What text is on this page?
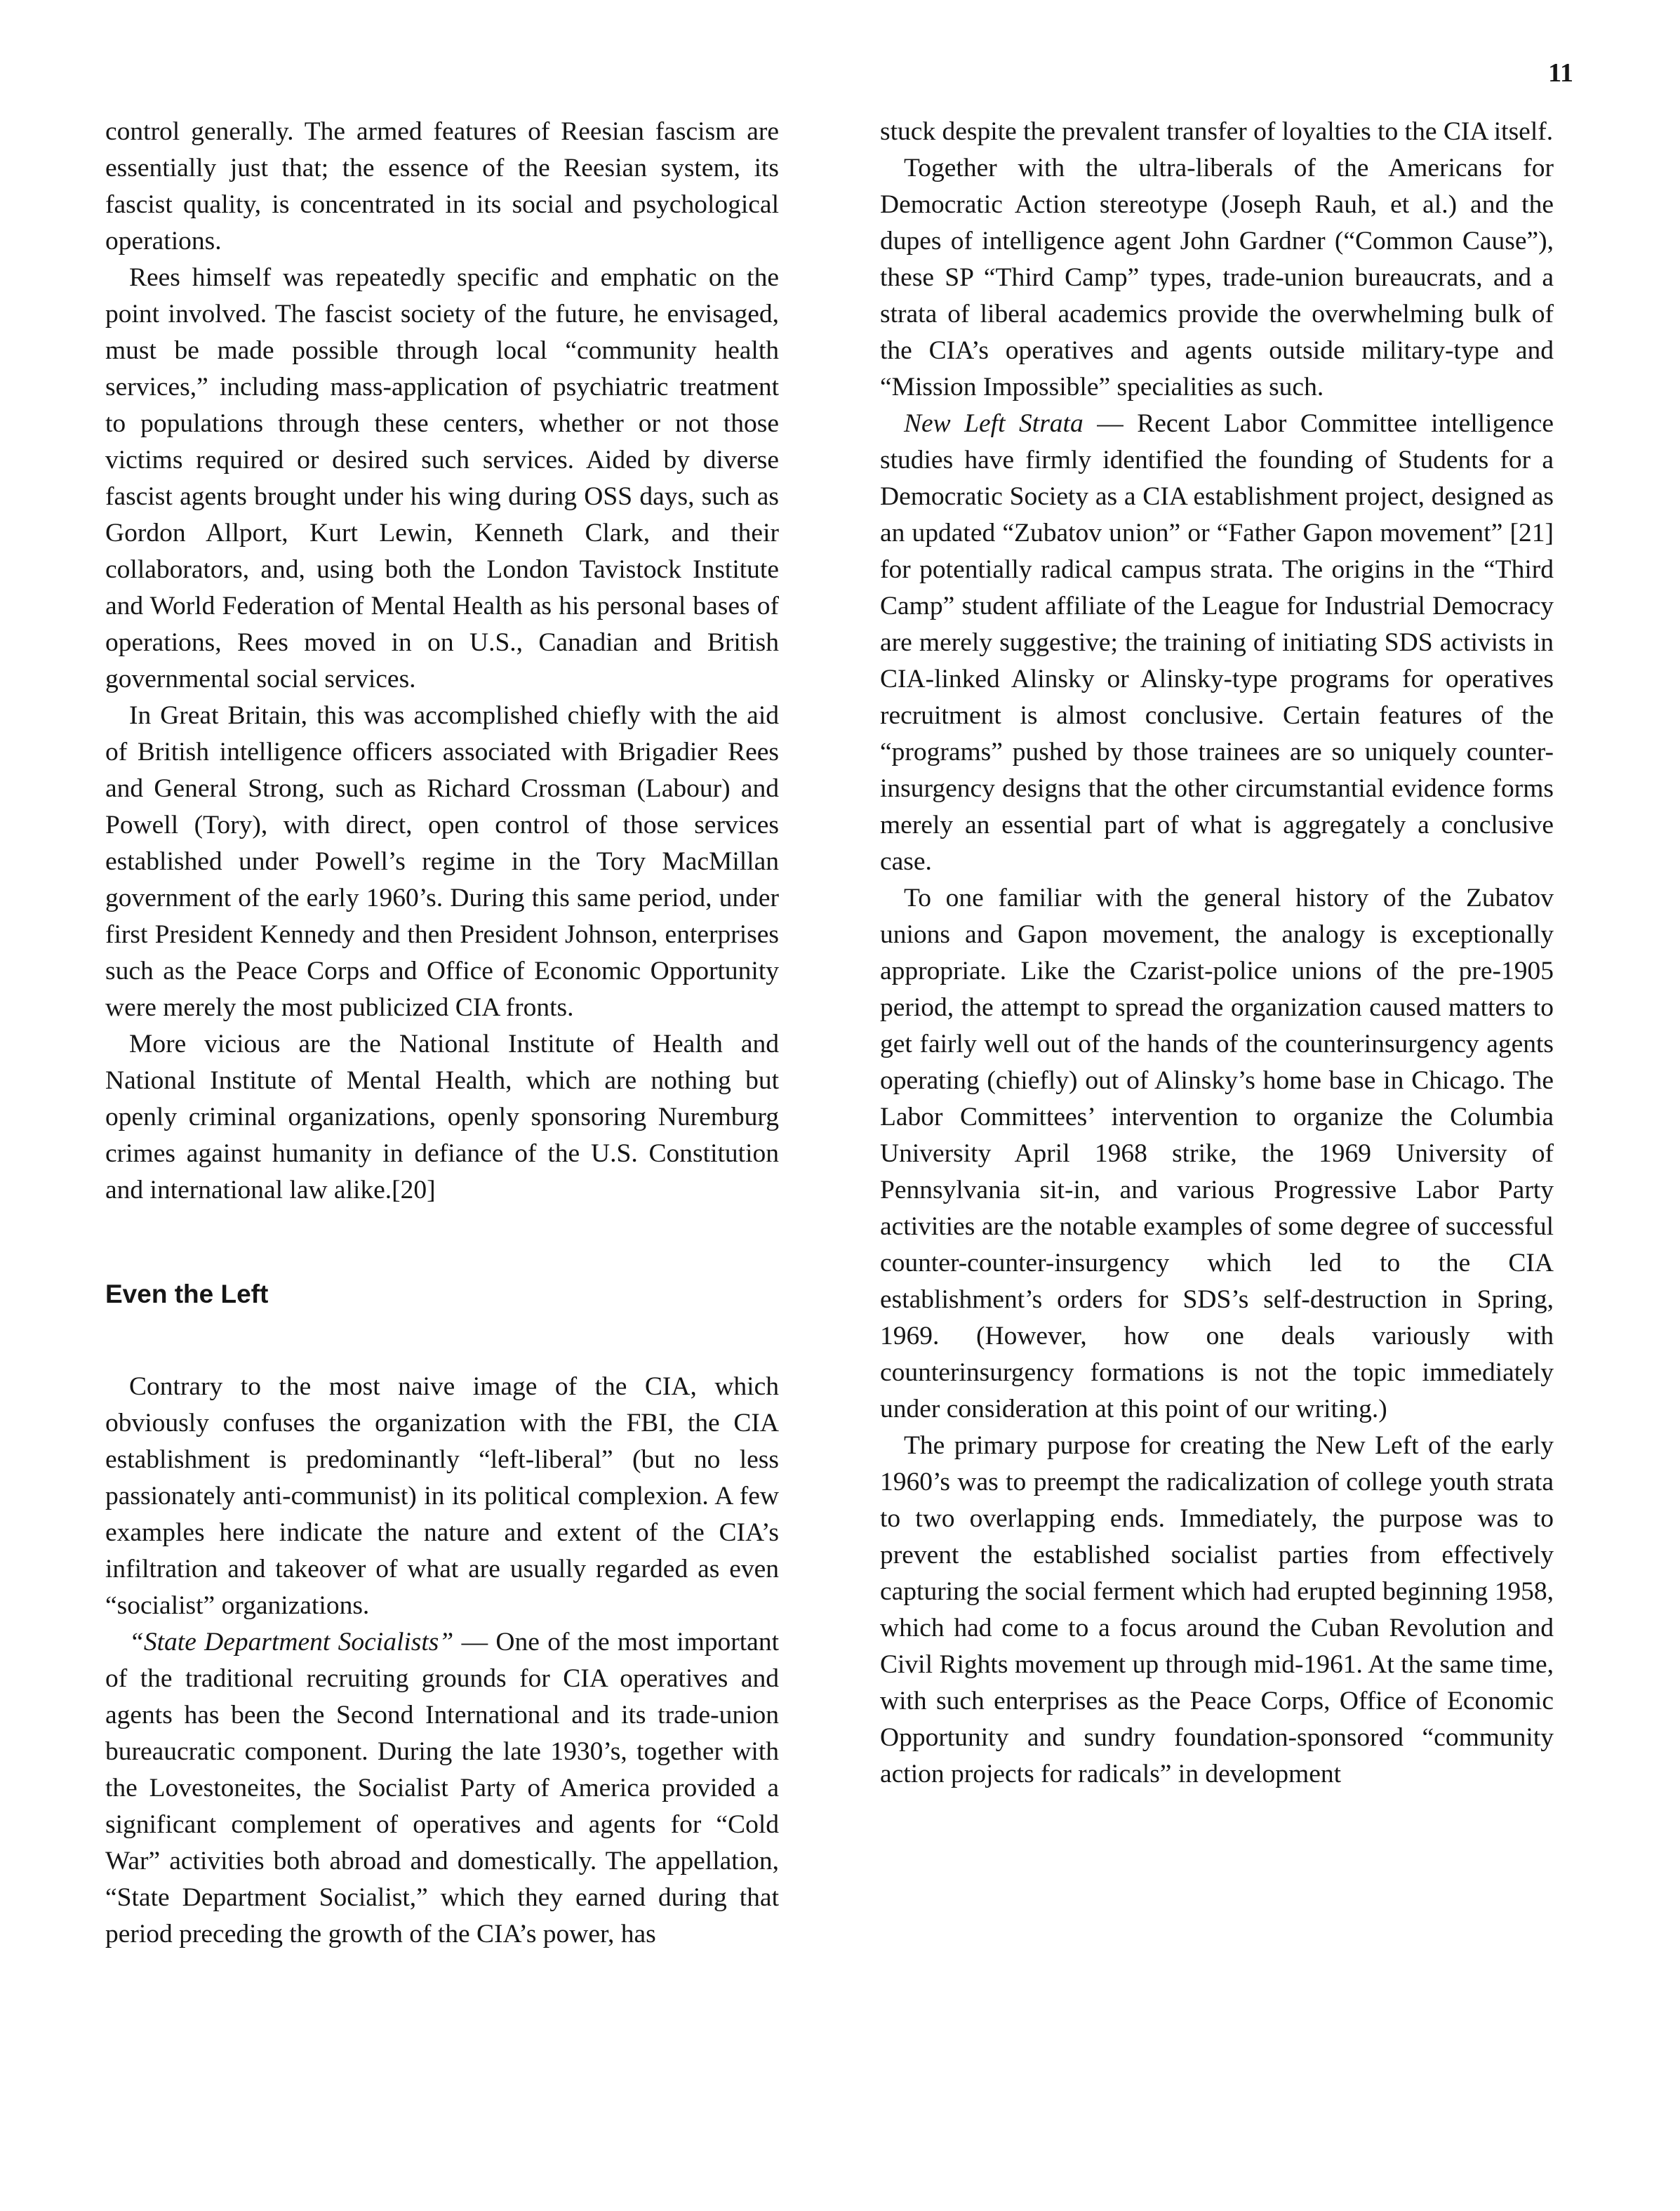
11

control generally. The armed features of Reesian fascism are essentially just that; the essence of the Reesian system, its fascist quality, is concentrated in its social and psychological operations.

Rees himself was repeatedly specific and emphatic on the point involved. The fascist society of the future, he envisaged, must be made possible through local “community health services,” including mass-application of psychiatric treatment to populations through these centers, whether or not those victims required or desired such services. Aided by diverse fascist agents brought under his wing during OSS days, such as Gordon Allport, Kurt Lewin, Kenneth Clark, and their collaborators, and, using both the London Tavistock Institute and World Federation of Mental Health as his personal bases of operations, Rees moved in on U.S., Canadian and British governmental social services.

In Great Britain, this was accomplished chiefly with the aid of British intelligence officers associated with Brigadier Rees and General Strong, such as Richard Crossman (Labour) and Powell (Tory), with direct, open control of those services established under Powell’s regime in the Tory MacMillan government of the early 1960’s. During this same period, under first President Kennedy and then President Johnson, enterprises such as the Peace Corps and Office of Economic Opportunity were merely the most publicized CIA fronts.

More vicious are the National Institute of Health and National Institute of Mental Health, which are nothing but openly criminal organizations, openly sponsoring Nuremburg crimes against humanity in defiance of the U.S. Constitution and international law alike.[20]

Even the Left

Contrary to the most naive image of the CIA, which obviously confuses the organization with the FBI, the CIA establishment is predominantly “left-liberal” (but no less passionately anti-communist) in its political complexion. A few examples here indicate the nature and extent of the CIA’s infiltration and takeover of what are usually regarded as even “socialist” organizations.

“State Department Socialists” — One of the most important of the traditional recruiting grounds for CIA operatives and agents has been the Second International and its trade-union bureaucratic component. During the late 1930’s, together with the Lovestoneites, the Socialist Party of America provided a significant complement of operatives and agents for “Cold War” activities both abroad and domestically. The appellation, “State Department Socialist,” which they earned during that period preceding the growth of the CIA’s power, has

stuck despite the prevalent transfer of loyalties to the CIA itself.

Together with the ultra-liberals of the Americans for Democratic Action stereotype (Joseph Rauh, et al.) and the dupes of intelligence agent John Gardner (“Common Cause”), these SP “Third Camp” types, trade-union bureaucrats, and a strata of liberal academics provide the overwhelming bulk of the CIA’s operatives and agents outside military-type and “Mission Impossible” specialities as such.

New Left Strata — Recent Labor Committee intelligence studies have firmly identified the founding of Students for a Democratic Society as a CIA establishment project, designed as an updated “Zubatov union” or “Father Gapon movement” [21] for potentially radical campus strata. The origins in the “Third Camp” student affiliate of the League for Industrial Democracy are merely suggestive; the training of initiating SDS activists in CIA-linked Alinsky or Alinsky-type programs for operatives recruitment is almost conclusive. Certain features of the “programs” pushed by those trainees are so uniquely counter-insurgency designs that the other circumstantial evidence forms merely an essential part of what is aggregately a conclusive case.

To one familiar with the general history of the Zubatov unions and Gapon movement, the analogy is exceptionally appropriate. Like the Czarist-police unions of the pre-1905 period, the attempt to spread the organization caused matters to get fairly well out of the hands of the counterinsurgency agents operating (chiefly) out of Alinsky’s home base in Chicago. The Labor Committees’ intervention to organize the Columbia University April 1968 strike, the 1969 University of Pennsylvania sit-in, and various Progressive Labor Party activities are the notable examples of some degree of successful counter-counter-insurgency which led to the CIA establishment’s orders for SDS’s self-destruction in Spring, 1969. (However, how one deals variously with counterinsurgency formations is not the topic immediately under consideration at this point of our writing.)

The primary purpose for creating the New Left of the early 1960’s was to preempt the radicalization of college youth strata to two overlapping ends. Immediately, the purpose was to prevent the established socialist parties from effectively capturing the social ferment which had erupted beginning 1958, which had come to a focus around the Cuban Revolution and Civil Rights movement up through mid-1961. At the same time, with such enterprises as the Peace Corps, Office of Economic Opportunity and sundry foundation-sponsored “community action projects for radicals” in development
